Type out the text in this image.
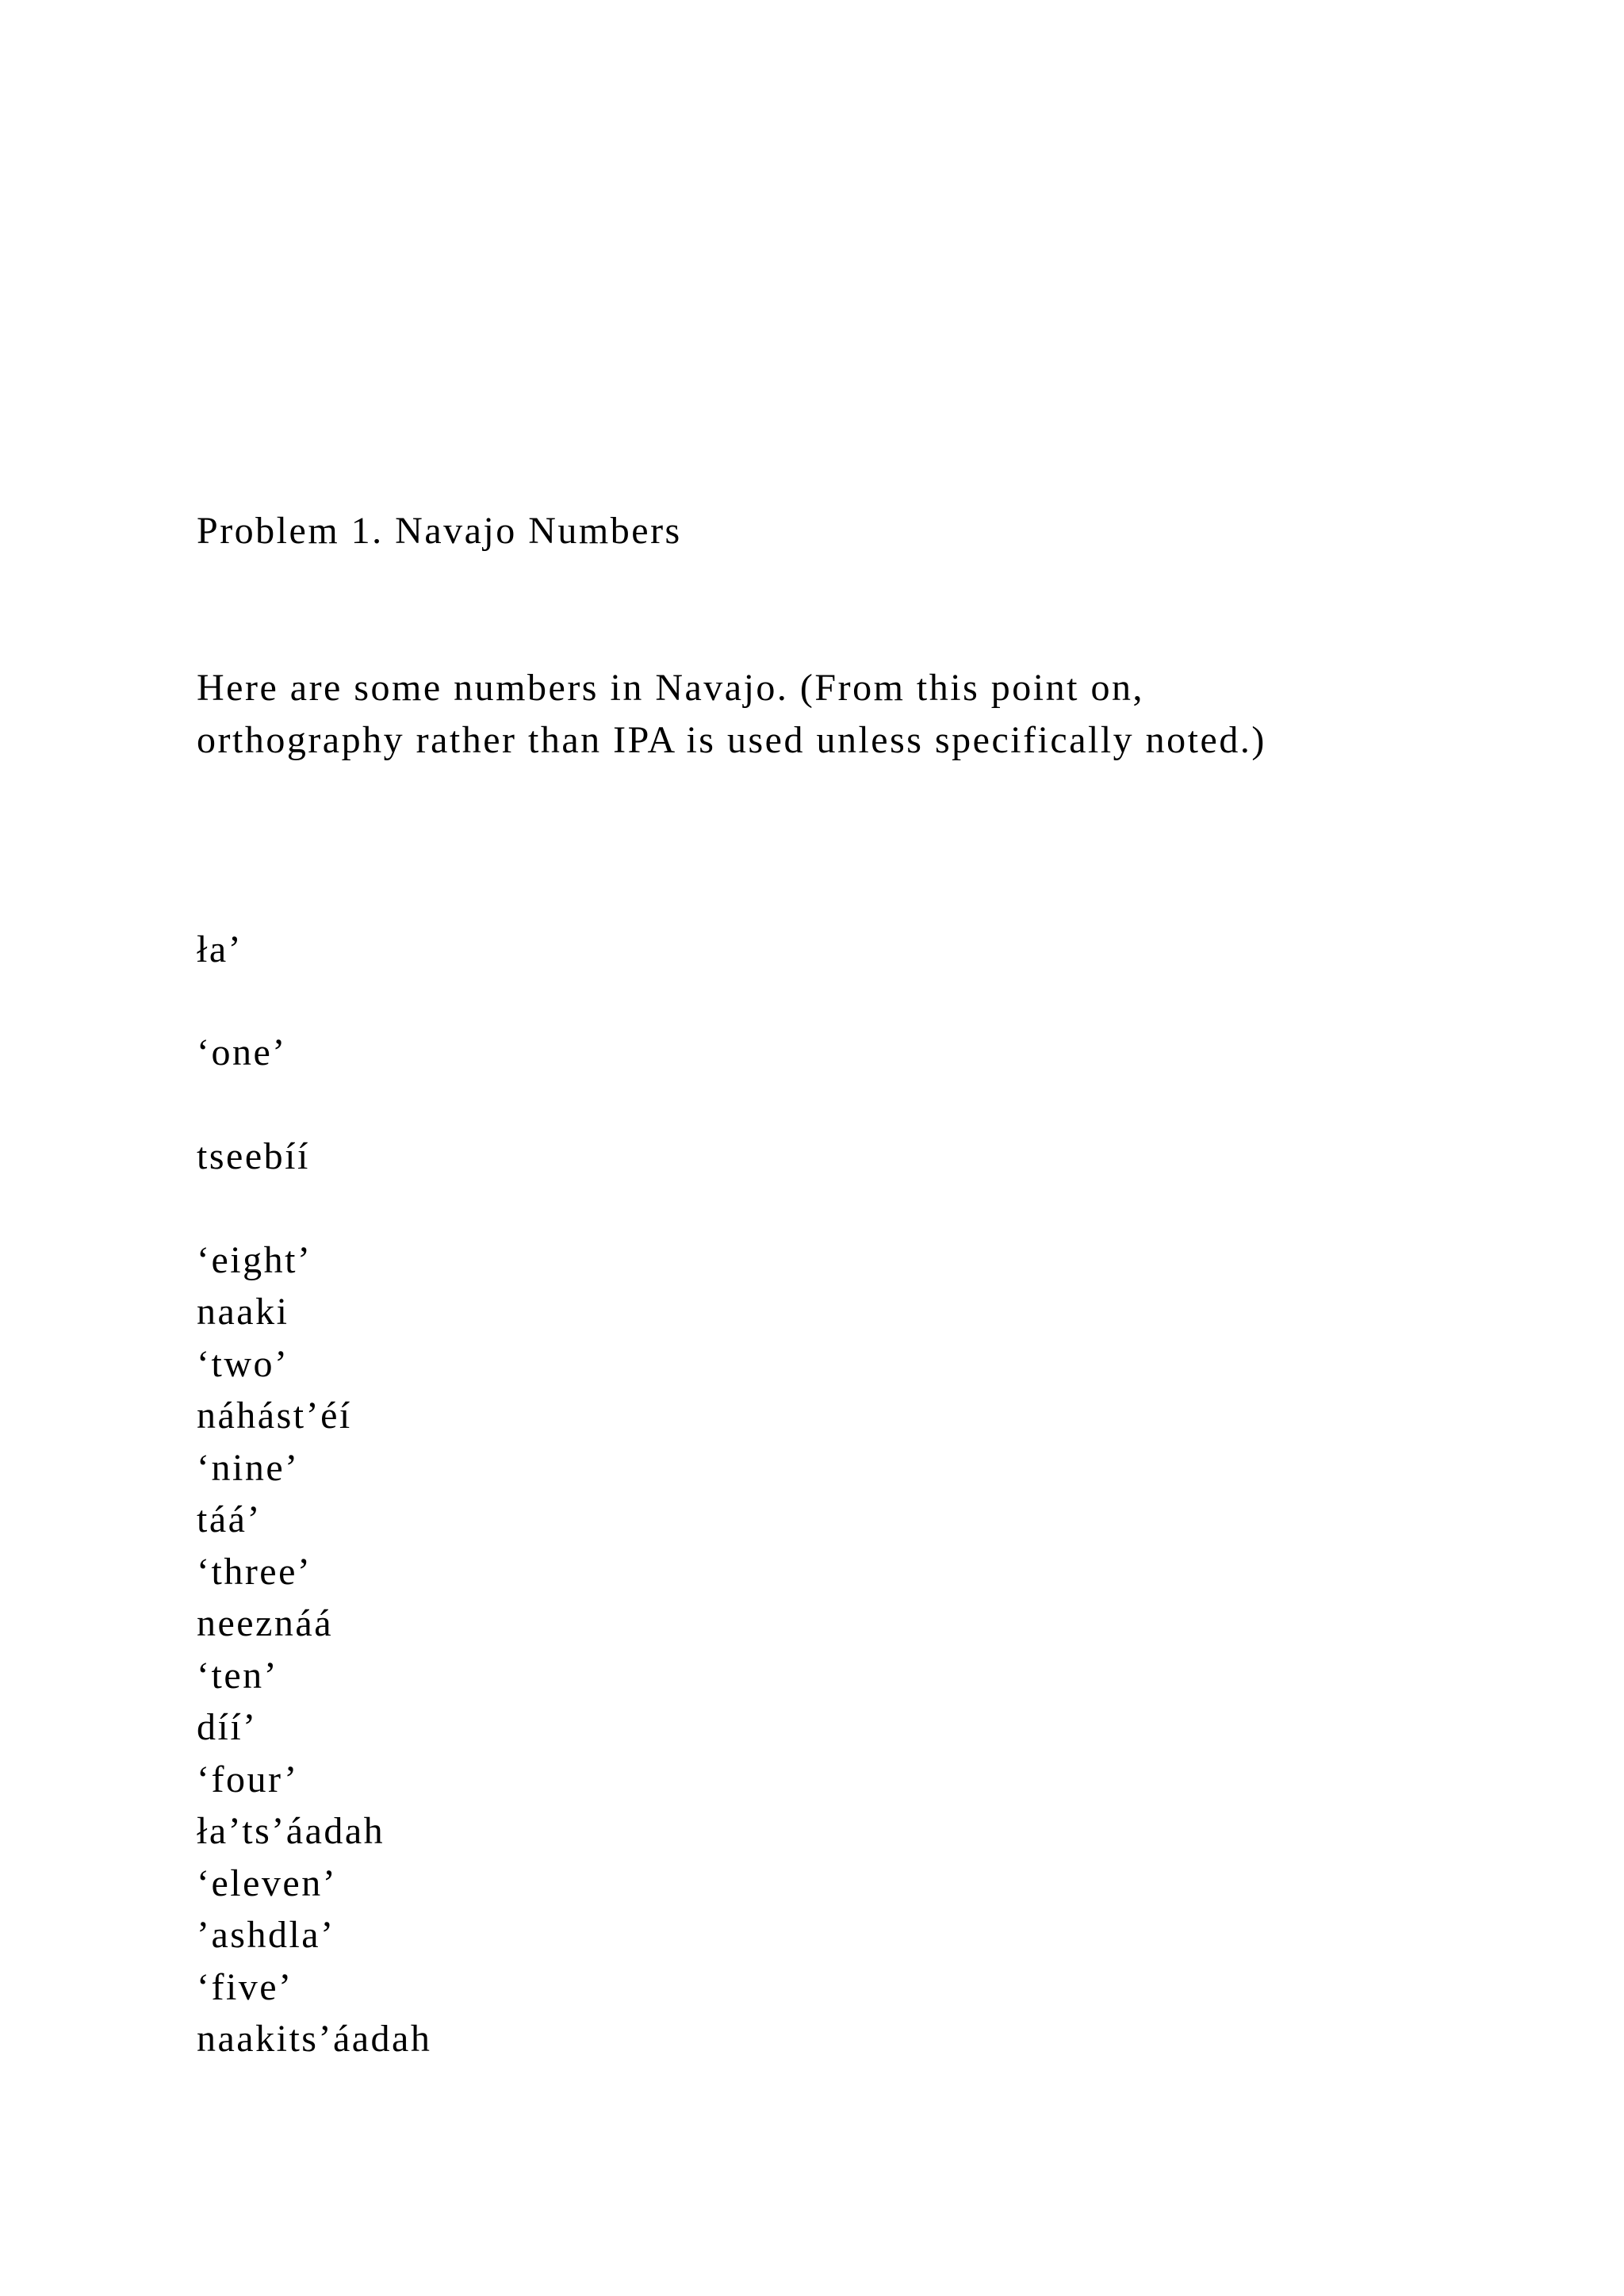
Problem 1. Navajo Numbers

Here are some numbers in Navajo. (From this point on,

orthography rather than IPA is used unless specifically noted.)

ła’

‘one’

tseebíí

‘eight’

naaki

‘two’

náhást’éí

‘nine’

táá’

‘three’

neeznáá

‘ten’

díí’

‘four’

ła’ts’áadah

‘eleven’

’ashdla’

‘five’

naakits’áadah
